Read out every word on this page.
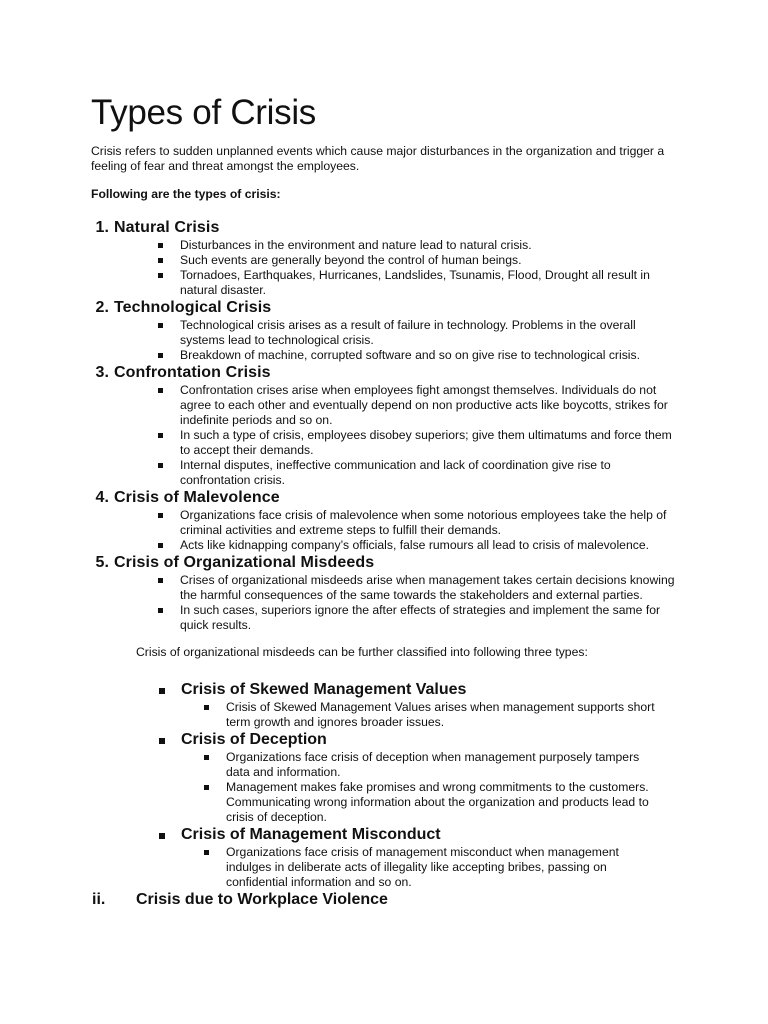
Types of Crisis

Crisis refers to sudden unplanned events which cause major disturbances in the organization and trigger a feeling of fear and threat amongst the employees.

Following are the types of crisis:

1. Natural Crisis
Disturbances in the environment and nature lead to natural crisis.
Such events are generally beyond the control of human beings.
Tornadoes, Earthquakes, Hurricanes, Landslides, Tsunamis, Flood, Drought all result in natural disaster.
2. Technological Crisis
Technological crisis arises as a result of failure in technology. Problems in the overall systems lead to technological crisis.
Breakdown of machine, corrupted software and so on give rise to technological crisis.
3. Confrontation Crisis
Confrontation crises arise when employees fight amongst themselves. Individuals do not agree to each other and eventually depend on non productive acts like boycotts, strikes for indefinite periods and so on.
In such a type of crisis, employees disobey superiors; give them ultimatums and force them to accept their demands.
Internal disputes, ineffective communication and lack of coordination give rise to confrontation crisis.
4. Crisis of Malevolence
Organizations face crisis of malevolence when some notorious employees take the help of criminal activities and extreme steps to fulfill their demands.
Acts like kidnapping company’s officials, false rumours all lead to crisis of malevolence.
5. Crisis of Organizational Misdeeds
Crises of organizational misdeeds arise when management takes certain decisions knowing the harmful consequences of the same towards the stakeholders and external parties.
In such cases, superiors ignore the after effects of strategies and implement the same for quick results.
Crisis of organizational misdeeds can be further classified into following three types:
Crisis of Skewed Management Values
Crisis of Skewed Management Values arises when management supports short term growth and ignores broader issues.
Crisis of Deception
Organizations face crisis of deception when management purposely tampers data and information.
Management makes fake promises and wrong commitments to the customers. Communicating wrong information about the organization and products lead to crisis of deception.
Crisis of Management Misconduct
Organizations face crisis of management misconduct when management indulges in deliberate acts of illegality like accepting bribes, passing on confidential information and so on.
ii.	Crisis due to Workplace Violence
